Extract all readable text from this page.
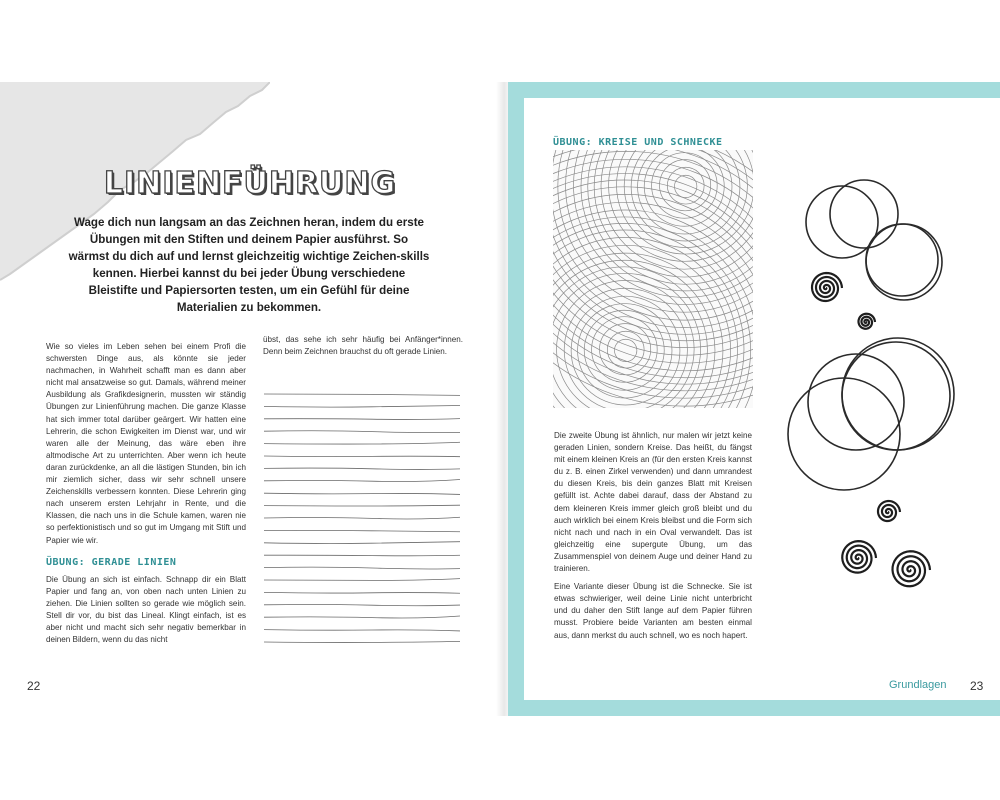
LINIENFÜHRUNG
Wage dich nun langsam an das Zeichnen heran, indem du erste Übungen mit den Stiften und deinem Papier ausführst. So wärmst du dich auf und lernst gleichzeitig wichtige Zeichen-skills kennen. Hierbei kannst du bei jeder Übung verschiedene Bleistifte und Papiersorten testen, um ein Gefühl für deine Materialien zu bekommen.

Wie so vieles im Leben sehen bei einem Profi die schwersten Dinge aus, als könnte sie jeder nachmachen, in Wahrheit schafft man es dann aber nicht mal ansatzweise so gut. Damals, während meiner Ausbildung als Grafikdesignerin, mussten wir ständig Übungen zur Linienführung machen. Die ganze Klasse hat sich immer total darüber geärgert. Wir hatten eine Lehrerin, die schon Ewigkeiten im Dienst war, und wir waren alle der Meinung, das wäre eben ihre altmodische Art zu unterrichten. Aber wenn ich heute daran zurückdenke, an all die lästigen Stunden, bin ich mir ziemlich sicher, dass wir sehr schnell unsere Zeichenskills verbessern konnten. Diese Lehrerin ging nach unserem ersten Lehrjahr in Rente, und die Klassen, die nach uns in die Schule kamen, waren nie so perfektionistisch und so gut im Umgang mit Stift und Papier wie wir.

ÜBUNG: GERADE LINIEN

Die Übung an sich ist einfach. Schnapp dir ein Blatt Papier und fang an, von oben nach unten Linien zu ziehen. Die Linien sollten so gerade wie möglich sein. Stell dir vor, du bist das Lineal. Klingt einfach, ist es aber nicht und macht sich sehr negativ bemerkbar in deinen Bildern, wenn du das nicht

übst, das sehe ich sehr häufig bei Anfänger*innen. Denn beim Zeichnen brauchst du oft gerade Linien.

22
ÜBUNG: KREISE UND SCHNECKE

Die zweite Übung ist ähnlich, nur malen wir jetzt keine geraden Linien, sondern Kreise. Das heißt, du fängst mit einem kleinen Kreis an (für den ersten Kreis kannst du z. B. einen Zirkel verwenden) und dann umrandest du diesen Kreis, bis dein ganzes Blatt mit Kreisen gefüllt ist. Achte dabei darauf, dass der Abstand zu dem kleineren Kreis immer gleich groß bleibt und du auch wirklich bei einem Kreis bleibst und die Form sich nicht nach und nach in ein Oval verwandelt. Das ist gleichzeitig eine supergute Übung, um das Zusammenspiel von deinem Auge und deiner Hand zu trainieren.

Eine Variante dieser Übung ist die Schnecke. Sie ist etwas schwieriger, weil deine Linie nicht unterbricht und du daher den Stift lange auf dem Papier führen musst. Probiere beide Varianten am besten einmal aus, dann merkst du auch schnell, wo es noch hapert.

Grundlagen 23
